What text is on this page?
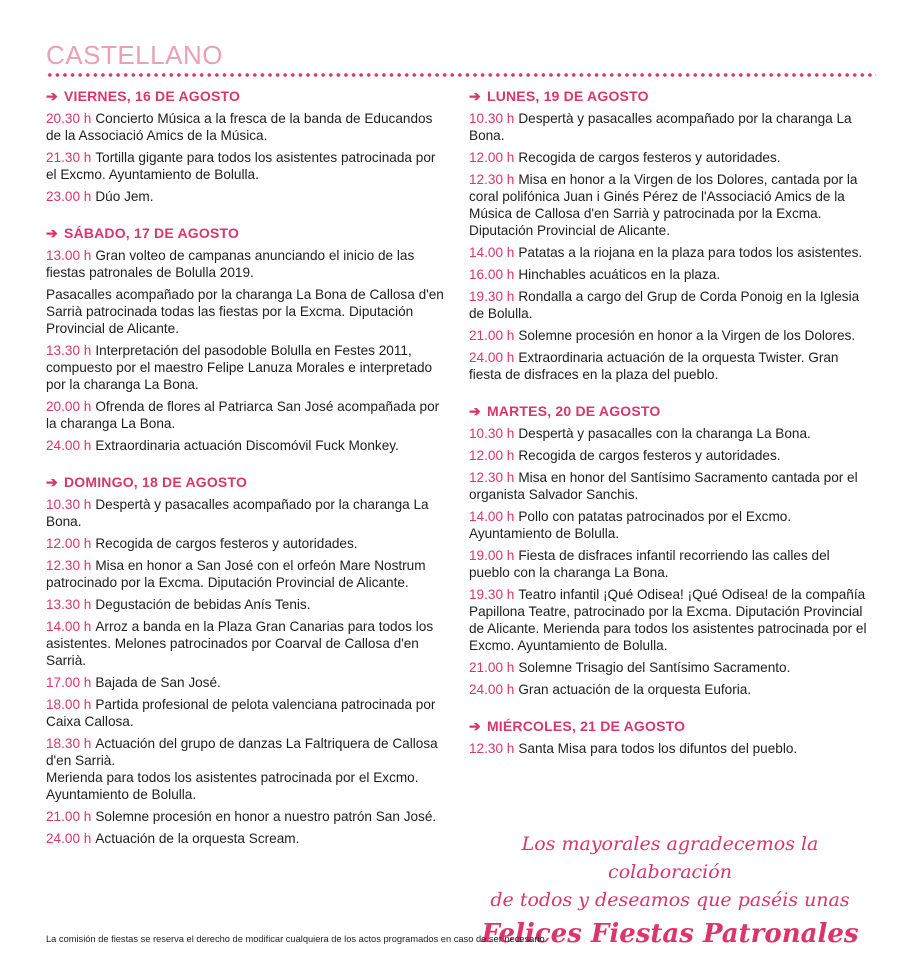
CASTELLANO
➔ VIERNES, 16 DE AGOSTO
20.30 h Concierto Música a la fresca de la banda de Educandos de la Associació Amics de la Música.
21.30 h Tortilla gigante para todos los asistentes patrocinada por el Excmo. Ayuntamiento de Bolulla.
23.00 h Dúo Jem.
➔ SÁBADO, 17 DE AGOSTO
13.00 h Gran volteo de campanas anunciando el inicio de las fiestas patronales de Bolulla 2019.
Pasacalles acompañado por la charanga La Bona de Callosa d'en Sarrià patrocinada todas las fiestas por la Excma. Diputación Provincial de Alicante.
13.30 h Interpretación del pasodoble Bolulla en Festes 2011, compuesto por el maestro Felipe Lanuza Morales e interpretado por la charanga La Bona.
20.00 h Ofrenda de flores al Patriarca San José acompañada por la charanga La Bona.
24.00 h Extraordinaria actuación Discomóvil Fuck Monkey.
➔ DOMINGO, 18 DE AGOSTO
10.30 h Despertà y pasacalles acompañado por la charanga La Bona.
12.00 h Recogida de cargos festeros y autoridades.
12.30 h Misa en honor a San José con el orfeón Mare Nostrum patrocinado por la Excma. Diputación Provincial de Alicante.
13.30 h Degustación de bebidas Anís Tenis.
14.00 h Arroz a banda en la Plaza Gran Canarias para todos los asistentes. Melones patrocinados por Coarval de Callosa d'en Sarrià.
17.00 h Bajada de San José.
18.00 h Partida profesional de pelota valenciana patrocinada por Caixa Callosa.
18.30 h Actuación del grupo de danzas La Faltriquera de Callosa d'en Sarrià.
Merienda para todos los asistentes patrocinada por el Excmo. Ayuntamiento de Bolulla.
21.00 h Solemne procesión en honor a nuestro patrón San José.
24.00 h Actuación de la orquesta Scream.
➔ LUNES, 19 DE AGOSTO
10.30 h Despertà y pasacalles acompañado por la charanga La Bona.
12.00 h Recogida de cargos festeros y autoridades.
12.30 h Misa en honor a la Virgen de los Dolores, cantada por la coral polifónica Juan i Ginés Pérez de l'Associació Amics de la Música de Callosa d'en Sarrià y patrocinada por la Excma. Diputación Provincial de Alicante.
14.00 h Patatas a la riojana en la plaza para todos los asistentes.
16.00 h Hinchables acuáticos en la plaza.
19.30 h Rondalla a cargo del Grup de Corda Ponoig en la Iglesia de Bolulla.
21.00 h Solemne procesión en honor a la Virgen de los Dolores.
24.00 h Extraordinaria actuación de la orquesta Twister. Gran fiesta de disfraces en la plaza del pueblo.
➔ MARTES, 20 DE AGOSTO
10.30 h Despertà y pasacalles con la charanga La Bona.
12.00 h Recogida de cargos festeros y autoridades.
12.30 h Misa en honor del Santísimo Sacramento cantada por el organista Salvador Sanchis.
14.00 h Pollo con patatas patrocinados por el Excmo. Ayuntamiento de Bolulla.
19.00 h Fiesta de disfraces infantil recorriendo las calles del pueblo con la charanga La Bona.
19.30 h Teatro infantil ¡Qué Odisea! ¡Qué Odisea! de la compañía Papillona Teatre, patrocinado por la Excma. Diputación Provincial de Alicante. Merienda para todos los asistentes patrocinada por el Excmo. Ayuntamiento de Bolulla.
21.00 h Solemne Trisagio del Santísimo Sacramento.
24.00 h Gran actuación de la orquesta Euforia.
➔ MIÉRCOLES, 21 DE AGOSTO
12.30 h Santa Misa para todos los difuntos del pueblo.
Los mayorales agradecemos la colaboración
de todos y deseamos que paséis unas
Felices Fiestas Patronales
La comisión de fiestas se reserva el derecho de modificar cualquiera de los actos programados en caso de ser necesario.
